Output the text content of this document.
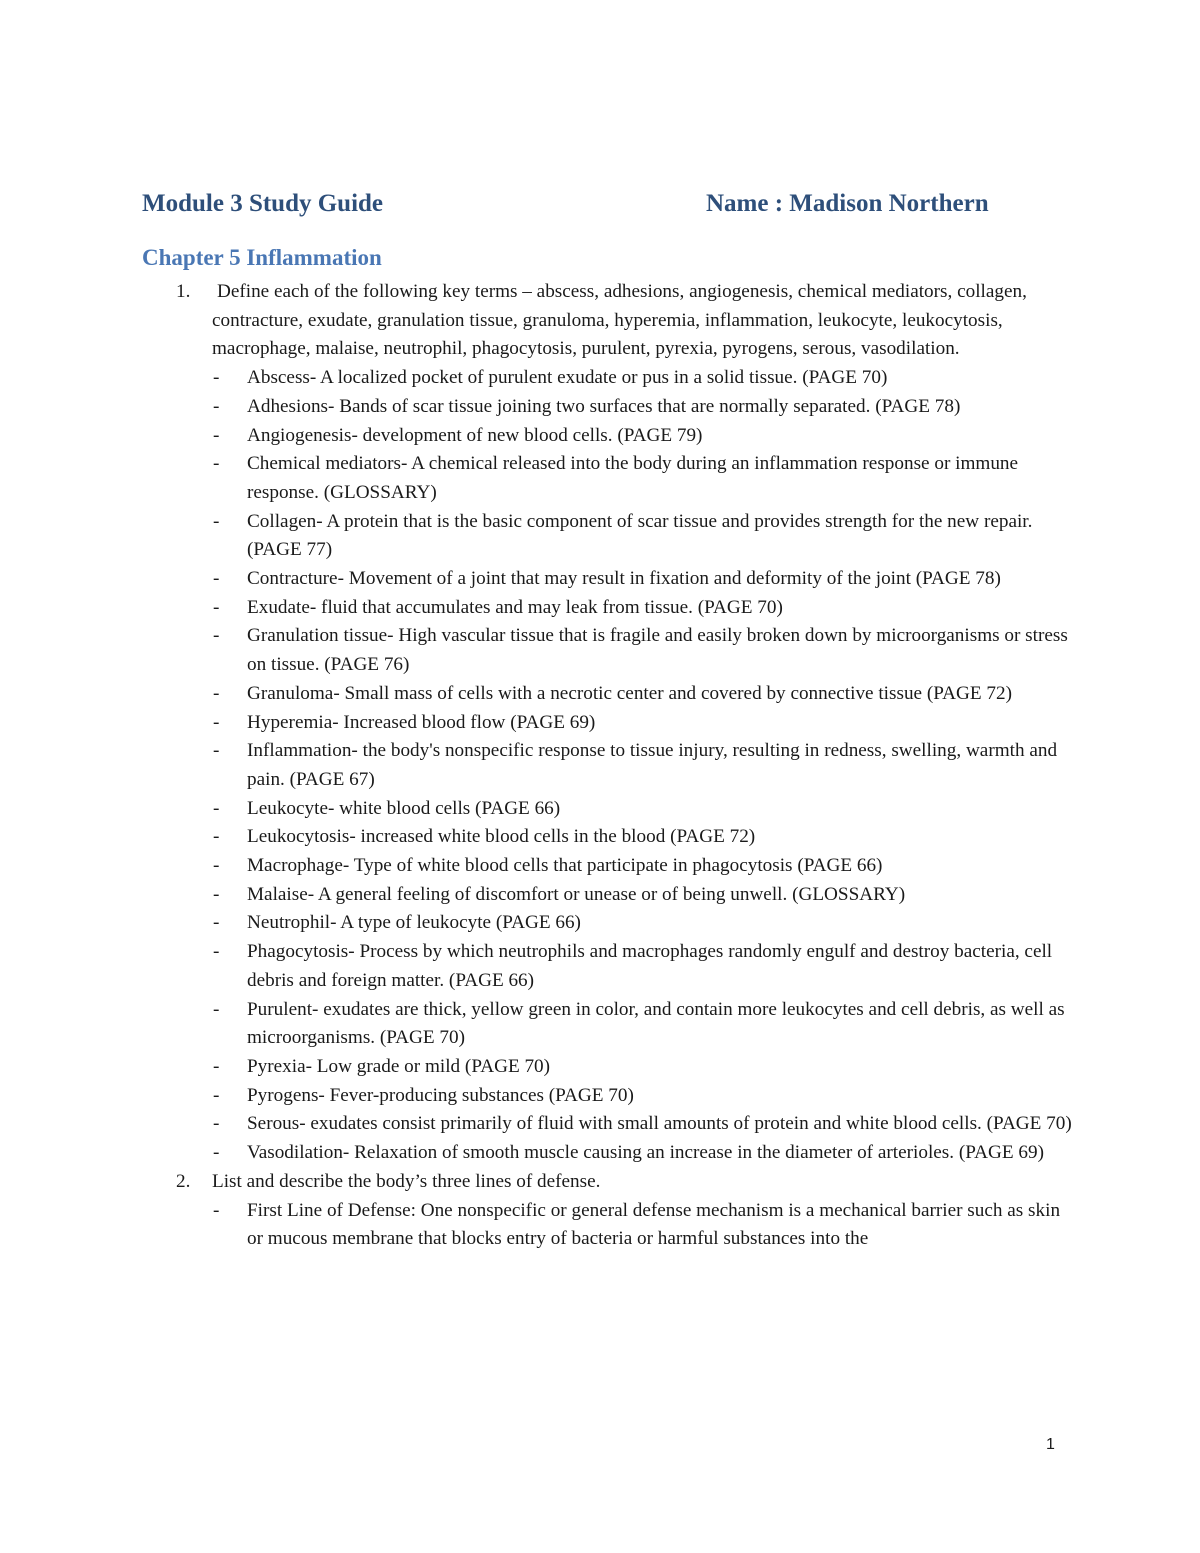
Module 3 Study Guide	Name : Madison Northern
Chapter 5 Inflammation
1. Define each of the following key terms – abscess, adhesions, angiogenesis, chemical mediators, collagen, contracture, exudate, granulation tissue, granuloma, hyperemia, inflammation, leukocyte, leukocytosis, macrophage, malaise, neutrophil, phagocytosis, purulent, pyrexia, pyrogens, serous, vasodilation.
- Abscess- A localized pocket of purulent exudate or pus in a solid tissue. (PAGE 70)
- Adhesions- Bands of scar tissue joining two surfaces that are normally separated. (PAGE 78)
- Angiogenesis- development of new blood cells. (PAGE 79)
- Chemical mediators- A chemical released into the body during an inflammation response or immune response. (GLOSSARY)
- Collagen- A protein that is the basic component of scar tissue and provides strength for the new repair. (PAGE 77)
- Contracture- Movement of a joint that may result in fixation and deformity of the joint (PAGE 78)
- Exudate- fluid that accumulates and may leak from tissue. (PAGE 70)
- Granulation tissue- High vascular tissue that is fragile and easily broken down by microorganisms or stress on tissue. (PAGE 76)
- Granuloma- Small mass of cells with a necrotic center and covered by connective tissue (PAGE 72)
- Hyperemia- Increased blood flow (PAGE 69)
- Inflammation- the body's nonspecific response to tissue injury, resulting in redness, swelling, warmth and pain. (PAGE 67)
- Leukocyte- white blood cells (PAGE 66)
- Leukocytosis- increased white blood cells in the blood (PAGE 72)
- Macrophage- Type of white blood cells that participate in phagocytosis (PAGE 66)
- Malaise- A general feeling of discomfort or unease or of being unwell. (GLOSSARY)
- Neutrophil- A type of leukocyte (PAGE 66)
- Phagocytosis- Process by which neutrophils and macrophages randomly engulf and destroy bacteria, cell debris and foreign matter. (PAGE 66)
- Purulent- exudates are thick, yellow green in color, and contain more leukocytes and cell debris, as well as microorganisms. (PAGE 70)
- Pyrexia- Low grade or mild (PAGE 70)
- Pyrogens- Fever-producing substances (PAGE 70)
- Serous- exudates consist primarily of fluid with small amounts of protein and white blood cells. (PAGE 70)
- Vasodilation- Relaxation of smooth muscle causing an increase in the diameter of arterioles. (PAGE 69)
2. List and describe the body’s three lines of defense.
- First Line of Defense: One nonspecific or general defense mechanism is a mechanical barrier such as skin or mucous membrane that blocks entry of bacteria or harmful substances into the
1
